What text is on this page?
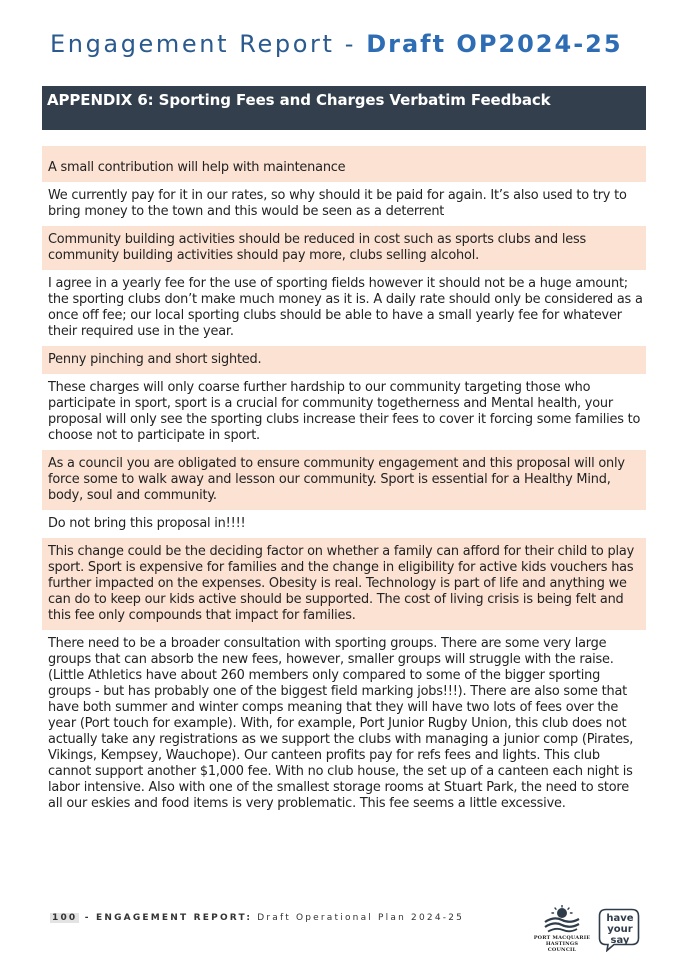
Engagement Report - Draft OP2024-25
APPENDIX 6: Sporting Fees and Charges Verbatim Feedback
A small contribution will help with maintenance
We currently pay for it in our rates, so why should it be paid for again. It’s also used to try to bring money to the town and this would be seen as a deterrent
Community building activities should be reduced in cost such as sports clubs and less community building activities should pay more, clubs selling alcohol.
I agree in a yearly fee for the use of sporting fields however it should not be a huge amount; the sporting clubs don’t make much money as it is. A daily rate should only be considered as a once off fee; our local sporting clubs should be able to have a small yearly fee for whatever their required use in the year.
Penny pinching and short sighted.
These charges will only coarse further hardship to our community targeting those who participate in sport, sport is a crucial for community togetherness and Mental health, your proposal will only see the sporting clubs increase their fees to cover it forcing some families to choose not to participate in sport.
As a council you are obligated to ensure community engagement and this proposal will only force some to walk away and lesson our community. Sport is essential for a Healthy Mind, body, soul and community.
Do not bring this proposal in!!!!
This change could be the deciding factor on whether a family can afford for their child to play sport. Sport is expensive for families and the change in eligibility for active kids vouchers has further impacted on the expenses. Obesity is real. Technology is part of life and anything we can do to keep our kids active should be supported. The cost of living crisis is being felt and this fee only compounds that impact for families.
There need to be a broader consultation with sporting groups. There are some very large groups that can absorb the new fees, however, smaller groups will struggle with the raise. (Little Athletics have about 260 members only compared to some of the bigger sporting groups - but has probably one of the biggest field marking jobs!!!). There are also some that have both summer and winter comps meaning that they will have two lots of fees over the year (Port touch for example). With, for example, Port Junior Rugby Union, this club does not actually take any registrations as we support the clubs with managing a junior comp (Pirates, Vikings, Kempsey, Wauchope). Our canteen profits pay for refs fees and lights. This club cannot support another $1,000 fee. With no club house, the set up of a canteen each night is labor intensive. Also with one of the smallest storage rooms at Stuart Park, the need to store all our eskies and food items is very problematic. This fee seems a little excessive.
100 - ENGAGEMENT REPORT: Draft Operational Plan 2024-25
PORT MACQUARIE
HASTINGS COUNCIL
have
your say
